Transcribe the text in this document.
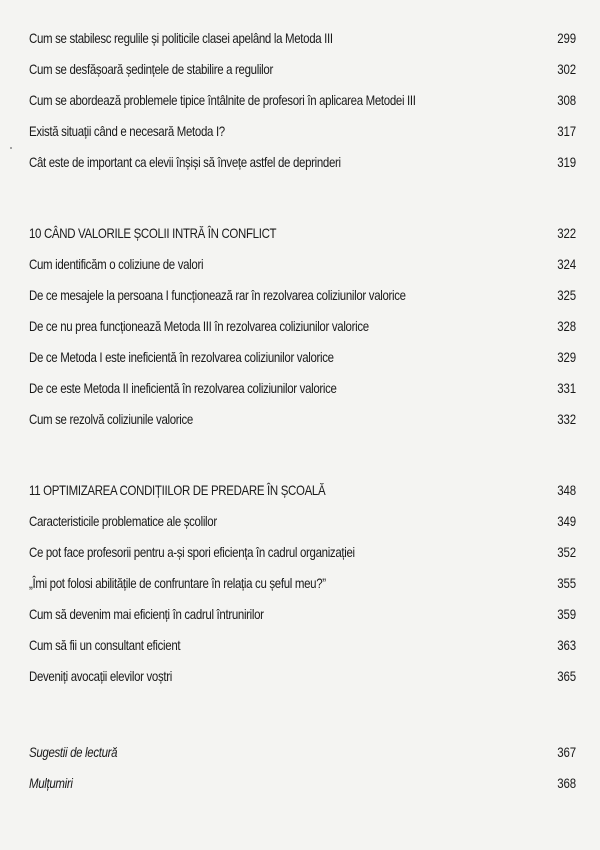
Cum se stabilesc regulile și politicile clasei apelând la Metoda III	299
Cum se desfășoară ședințele de stabilire a regulilor	302
Cum se abordează problemele tipice întâlnite de profesori în aplicarea Metodei III	308
Există situații când e necesară Metoda I?	317
Cât este de important ca elevii înșiși să învețe astfel de deprinderi	319
10 CÂND VALORILE ȘCOLII INTRĂ ÎN CONFLICT	322
Cum identificăm o coliziune de valori	324
De ce mesajele la persoana I funcționează rar în rezolvarea coliziunilor valorice	325
De ce nu prea funcționează Metoda III în rezolvarea coliziunilor valorice	328
De ce Metoda I este ineficientă în rezolvarea coliziunilor valorice	329
De ce este Metoda II ineficientă în rezolvarea coliziunilor valorice	331
Cum se rezolvă coliziunile valorice	332
11 OPTIMIZAREA CONDIȚIILOR DE PREDARE ÎN ȘCOALĂ	348
Caracteristicile problematice ale școlilor	349
Ce pot face profesorii pentru a-și spori eficiența în cadrul organizației	352
„Îmi pot folosi abilitățile de confruntare în relația cu șeful meu?”	355
Cum să devenim mai eficienți în cadrul întrunirilor	359
Cum să fii un consultant eficient	363
Deveniți avocații elevilor voștri	365
Sugestii de lectură	367
Mulțumiri	368
